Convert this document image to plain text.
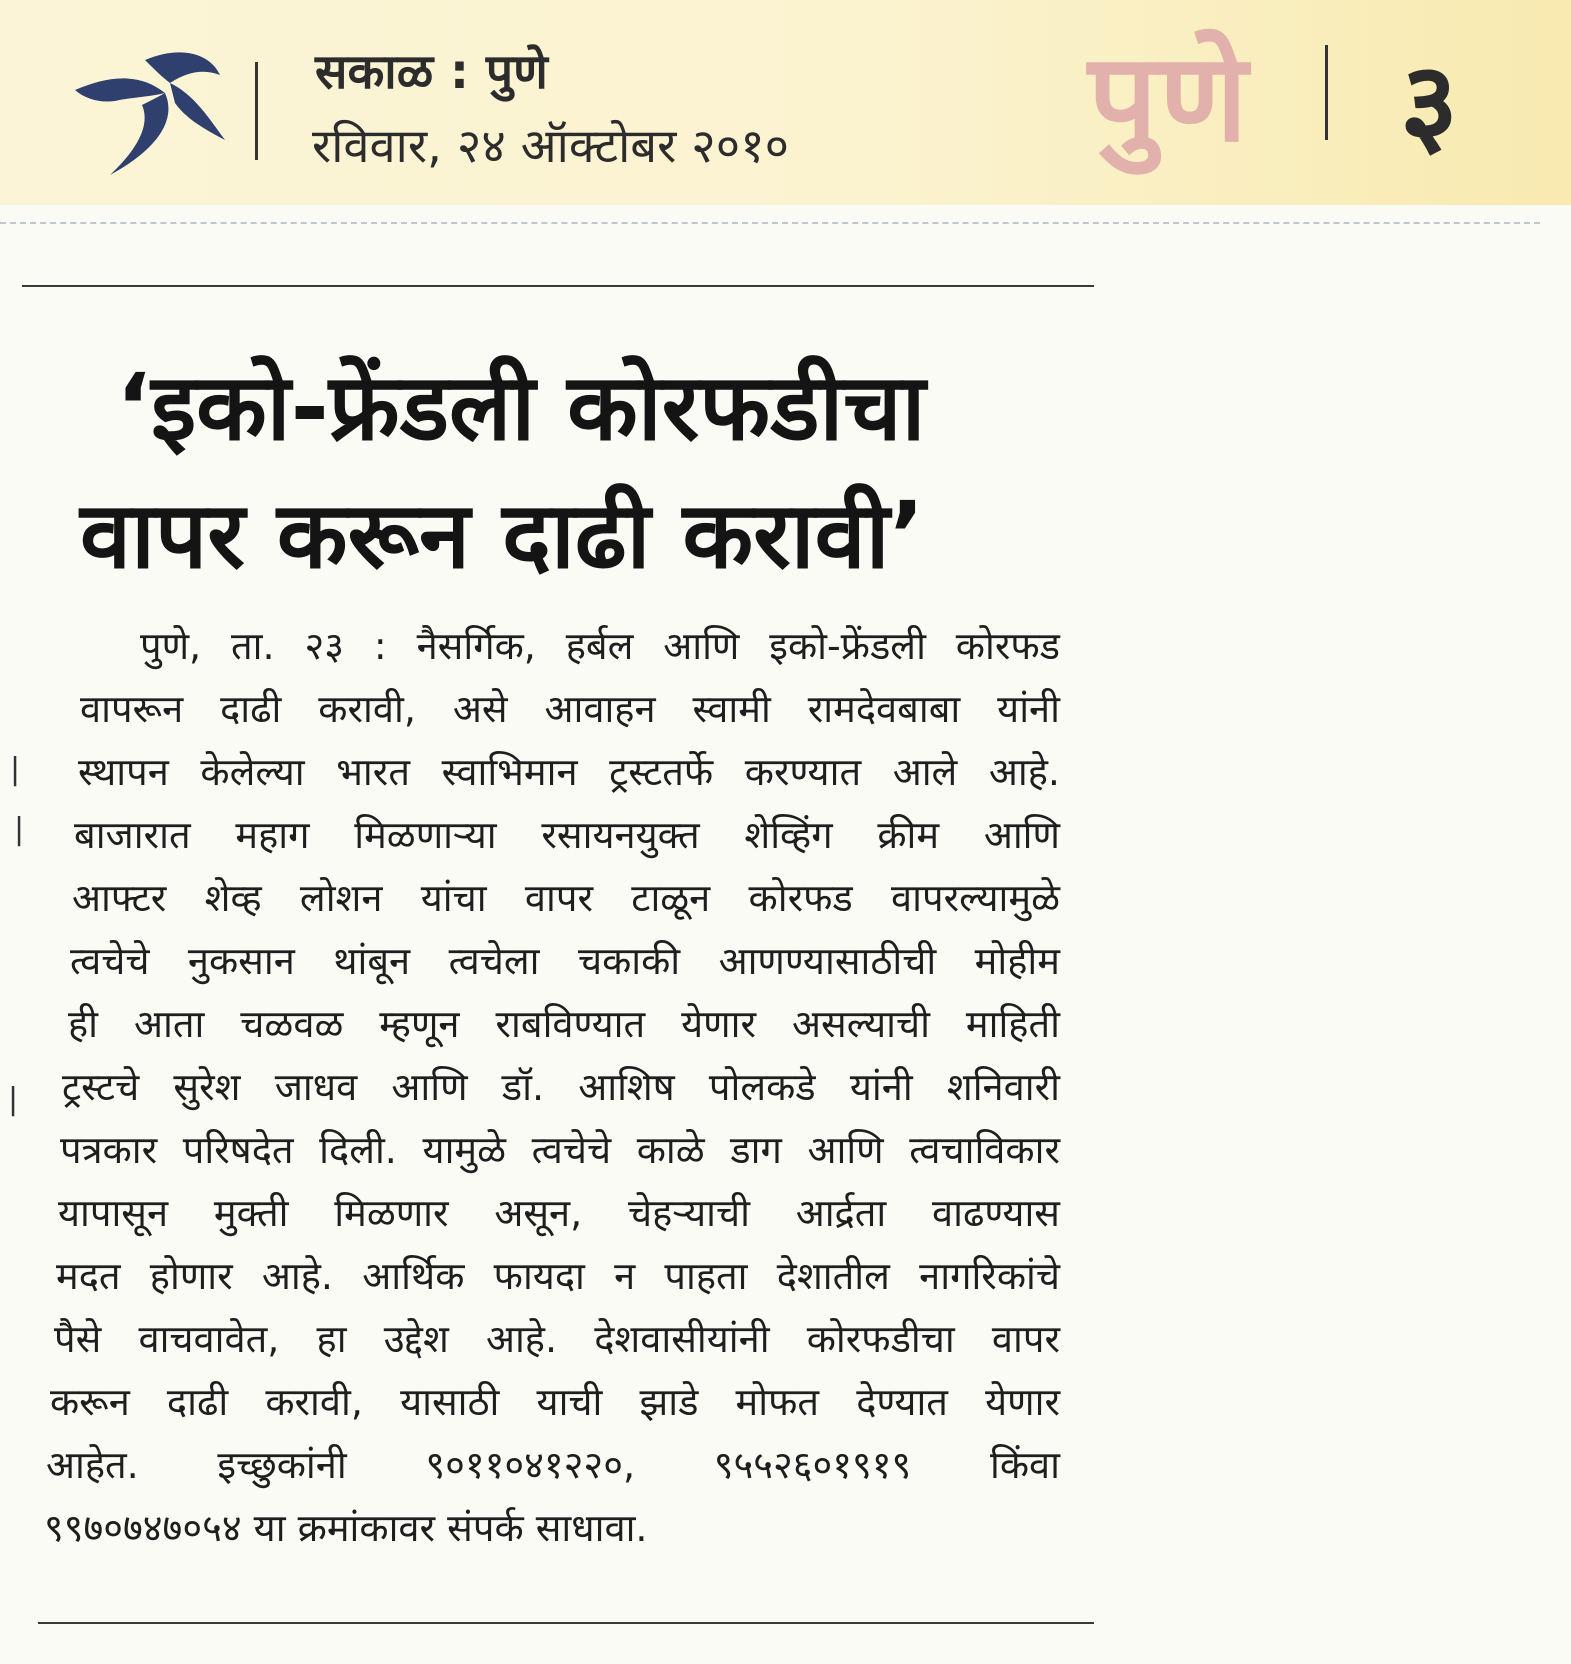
सकाळ : पुणे
रविवार, २४ ऑक्टोबर २०१० पुणे ३
‘इको-फ्रेंडली कोरफडीचा
वापर करून दाढी करावी’
पुणे, ता. २३ : नैसर्गिक, हर्बल आणि इको-फ्रेंडली कोरफड
वापरून दाढी करावी, असे आवाहन स्वामी रामदेवबाबा यांनी
स्थापन केलेल्या भारत स्वाभिमान ट्रस्टतर्फे करण्यात आले आहे.
बाजारात महाग मिळणाऱ्या रसायनयुक्त शेव्हिंग क्रीम आणि
आफ्टर शेव्ह लोशन यांचा वापर टाळून कोरफड वापरल्यामुळे
त्वचेचे नुकसान थांबून त्वचेला चकाकी आणण्यासाठीची मोहीम
ही आता चळवळ म्हणून राबविण्यात येणार असल्याची माहिती
ट्रस्टचे सुरेश जाधव आणि डॉ. आशिष पोलकडे यांनी शनिवारी
पत्रकार परिषदेत दिली. यामुळे त्वचेचे काळे डाग आणि त्वचाविकार
यापासून मुक्ती मिळणार असून, चेहऱ्याची आर्द्रता वाढण्यास
मदत होणार आहे. आर्थिक फायदा न पाहता देशातील नागरिकांचे
पैसे वाचवावेत, हा उद्देश आहे. देशवासीयांनी कोरफडीचा वापर
करून दाढी करावी, यासाठी याची झाडे मोफत देण्यात येणार
आहेत. इच्छुकांनी ९०११०४१२२०, ९५५२६०१९१९ किंवा
९९७०७४७०५४ या क्रमांकावर संपर्क साधावा.
|
|
|
